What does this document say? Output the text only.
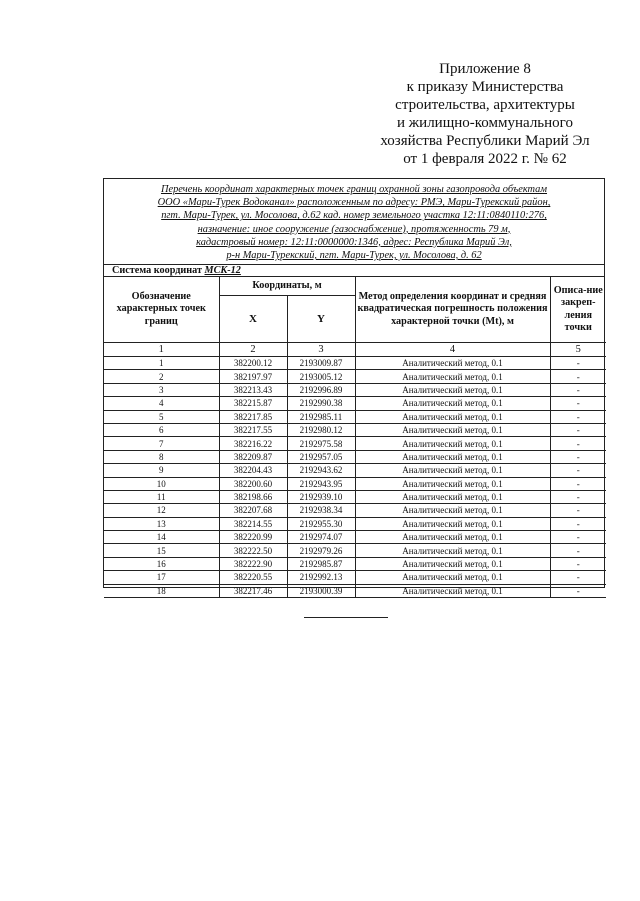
Приложение 8
к приказу Министерства
строительства, архитектуры
и жилищно-коммунального
хозяйства Республики Марий Эл
от 1 февраля 2022 г. № 62
Перечень координат характерных точек границ охранной зоны газопровода объектам
ООО «Мари-Турек Водоканал» расположенным по адресу: РМЭ, Мари-Турекский район,
пгт. Мари-Турек, ул. Мосолова, д.62 кад. номер земельного участка 12:11:0840110:276,
назначение: иное сооружение (газоснабжение), протяженность 79 м,
кадастровый номер: 12:11:0000000:1346, адрес: Республика Марий Эл,
р-н Мари-Турекский, пгт. Мари-Турек, ул. Мосолова, д. 62
Система координат МСК-12
Обозначение характерных точек границ	Координаты, м		Метод определения координат и средняя квадратическая погрешность положения характерной точки (Mt), м	Описа-ние закреп-ления точки
	X	Y		
1	2	3	4	5
1	382200.12	2193009.87	Аналитический метод, 0.1	-
2	382197.97	2193005.12	Аналитический метод, 0.1	-
3	382213.43	2192996.89	Аналитический метод, 0.1	-
4	382215.87	2192990.38	Аналитический метод, 0.1	-
5	382217.85	2192985.11	Аналитический метод, 0.1	-
6	382217.55	2192980.12	Аналитический метод, 0.1	-
7	382216.22	2192975.58	Аналитический метод, 0.1	-
8	382209.87	2192957.05	Аналитический метод, 0.1	-
9	382204.43	2192943.62	Аналитический метод, 0.1	-
10	382200.60	2192943.95	Аналитический метод, 0.1	-
11	382198.66	2192939.10	Аналитический метод, 0.1	-
12	382207.68	2192938.34	Аналитический метод, 0.1	-
13	382214.55	2192955.30	Аналитический метод, 0.1	-
14	382220.99	2192974.07	Аналитический метод, 0.1	-
15	382222.50	2192979.26	Аналитический метод, 0.1	-
16	382222.90	2192985.87	Аналитический метод, 0.1	-
17	382220.55	2192992.13	Аналитический метод, 0.1	-
18	382217.46	2193000.39	Аналитический метод, 0.1	-
